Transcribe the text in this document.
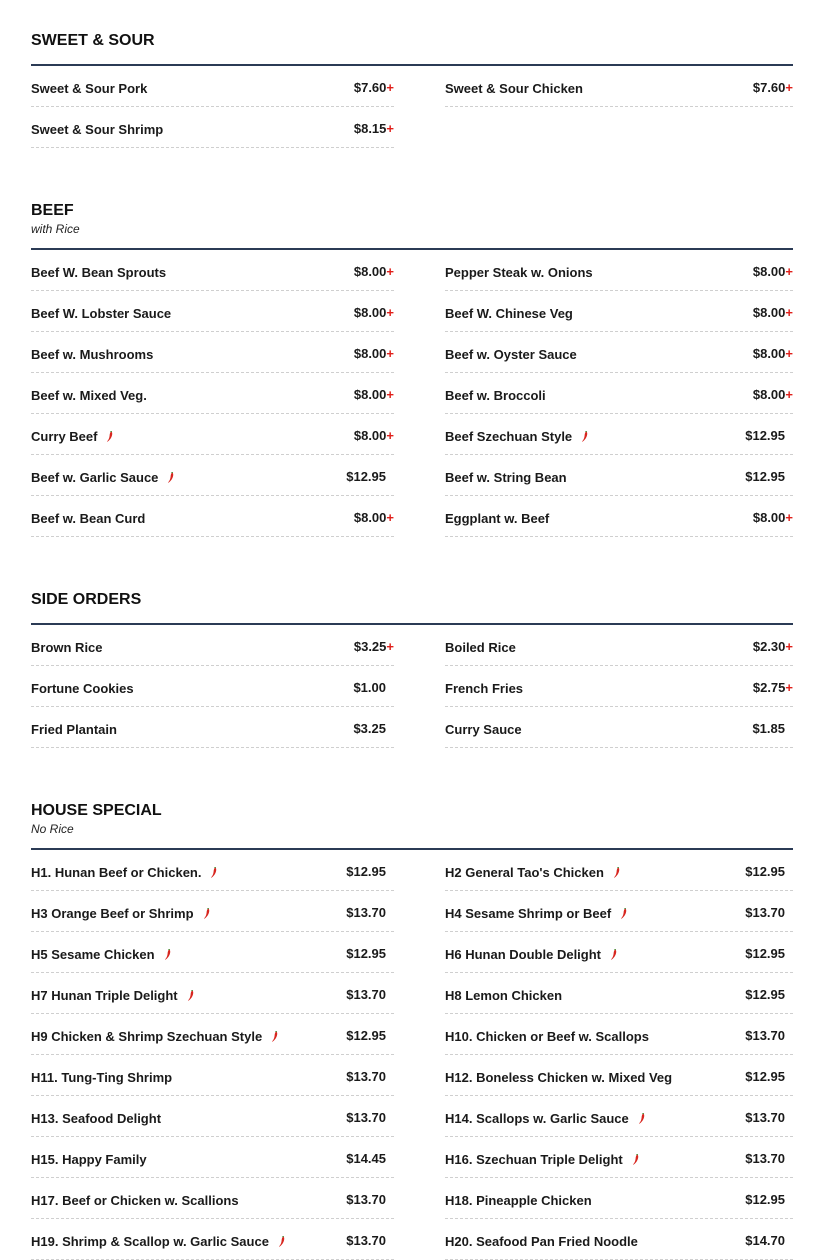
SWEET & SOUR
Sweet & Sour Pork	$7.60+	Sweet & Sour Chicken	$7.60+
Sweet & Sour Shrimp	$8.15+
BEEF
with Rice
Beef W. Bean Sprouts	$8.00+	Pepper Steak w. Onions	$8.00+
Beef W. Lobster Sauce	$8.00+	Beef W. Chinese Veg	$8.00+
Beef w. Mushrooms	$8.00+	Beef w. Oyster Sauce	$8.00+
Beef w. Mixed Veg.	$8.00+	Beef w. Broccoli	$8.00+
Curry Beef	$8.00+	Beef Szechuan Style	$12.95
Beef w. Garlic Sauce	$12.95	Beef w. String Bean	$12.95
Beef w. Bean Curd	$8.00+	Eggplant w. Beef	$8.00+
SIDE ORDERS
Brown Rice	$3.25+	Boiled Rice	$2.30+
Fortune Cookies	$1.00	French Fries	$2.75+
Fried Plantain	$3.25	Curry Sauce	$1.85
HOUSE SPECIAL
No Rice
H1. Hunan Beef or Chicken.	$12.95	H2 General Tao's Chicken	$12.95
H3 Orange Beef or Shrimp	$13.70	H4 Sesame Shrimp or Beef	$13.70
H5 Sesame Chicken	$12.95	H6 Hunan Double Delight	$12.95
H7 Hunan Triple Delight	$13.70	H8 Lemon Chicken	$12.95
H9 Chicken & Shrimp Szechuan Style	$12.95	H10. Chicken or Beef w. Scallops	$13.70
H11. Tung-Ting Shrimp	$13.70	H12. Boneless Chicken w. Mixed Veg	$12.95
H13. Seafood Delight	$13.70	H14. Scallops w. Garlic Sauce	$13.70
H15. Happy Family	$14.45	H16. Szechuan Triple Delight	$13.70
H17. Beef or Chicken w. Scallions	$13.70	H18. Pineapple Chicken	$12.95
H19. Shrimp & Scallop w. Garlic Sauce	$13.70	H20. Seafood Pan Fried Noodle	$14.70
